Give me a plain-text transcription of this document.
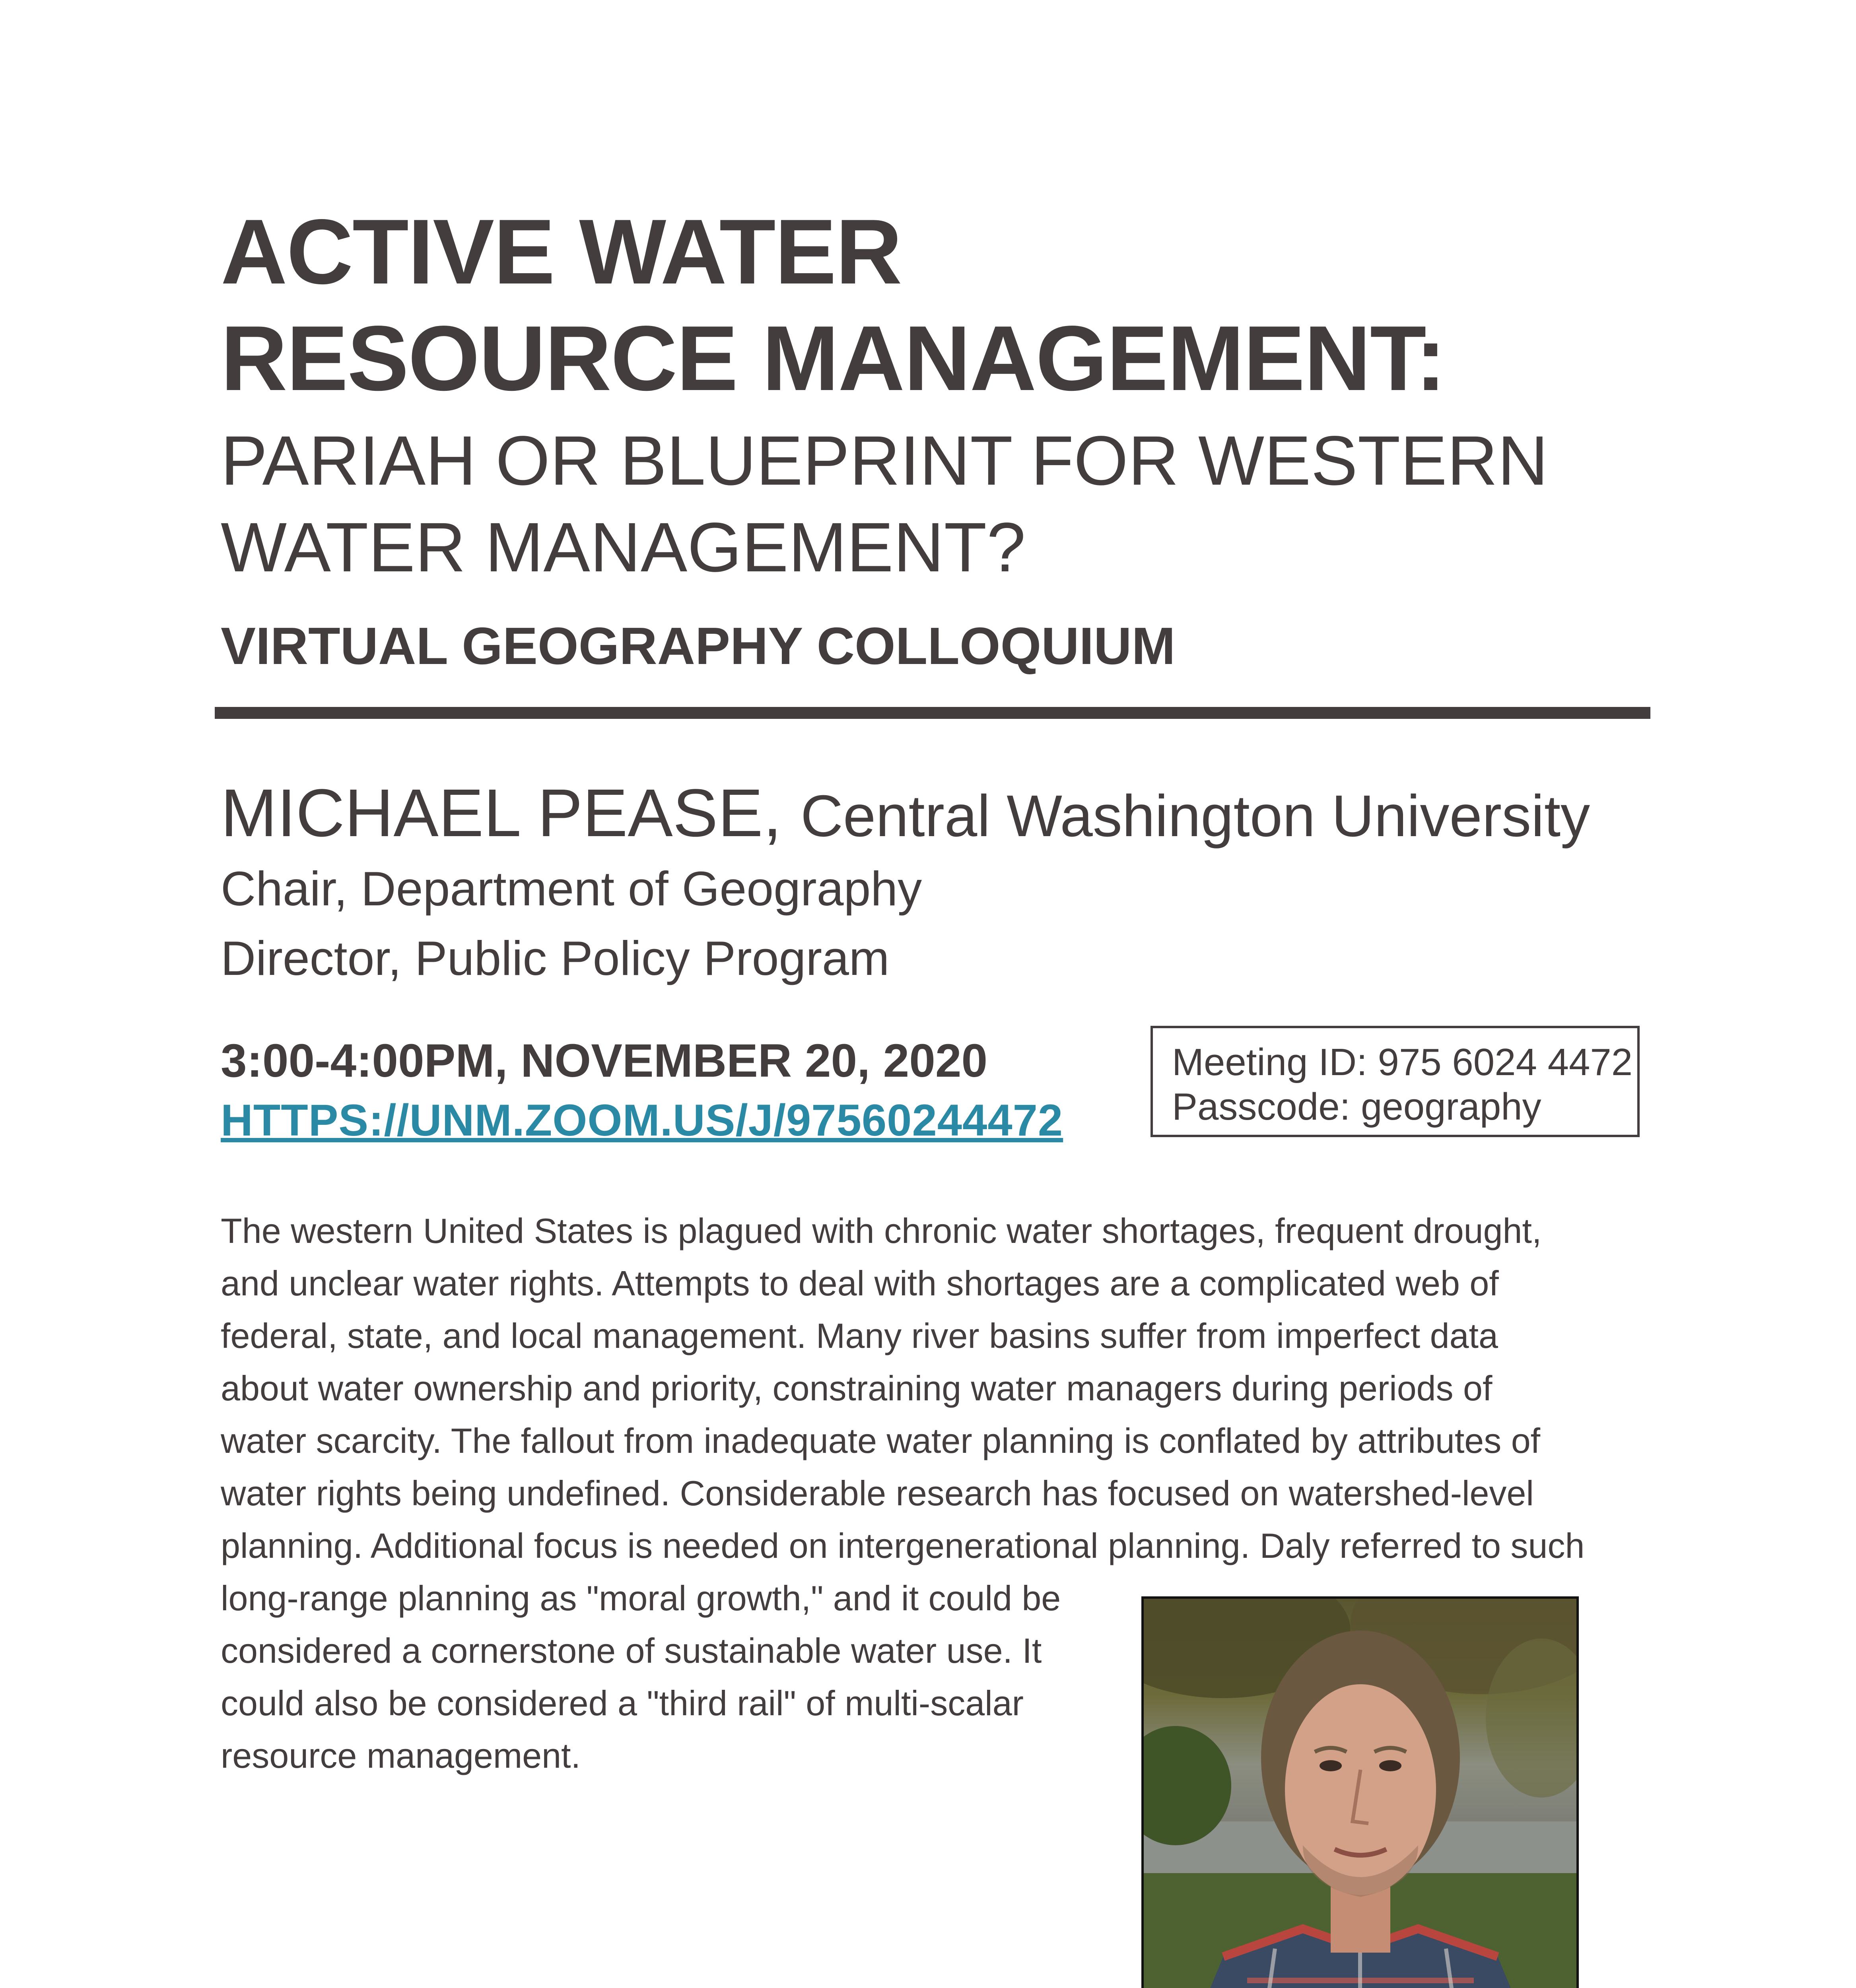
ACTIVE WATER
RESOURCE MANAGEMENT:
PARIAH OR BLUEPRINT FOR WESTERN
WATER MANAGEMENT?
VIRTUAL GEOGRAPHY COLLOQUIUM
MICHAEL PEASE, Central Washington University
Chair, Department of Geography
Director, Public Policy Program
3:00-4:00PM, NOVEMBER 20, 2020
HTTPS://UNM.ZOOM.US/J/97560244472
Meeting ID: 975 6024 4472
Passcode: geography
The western United States is plagued with chronic water shortages, frequent drought,
and unclear water rights. Attempts to deal with shortages are a complicated web of
federal, state, and local management. Many river basins suffer from imperfect data
about water ownership and priority, constraining water managers during periods of
water scarcity. The fallout from inadequate water planning is conflated by attributes of
water rights being undefined. Considerable research has focused on watershed-level
planning. Additional focus is needed on intergenerational planning. Daly referred to such
long-range planning as "moral growth," and it could be
considered a cornerstone of sustainable water use. It
could also be considered a "third rail" of multi-scalar
resource management.
